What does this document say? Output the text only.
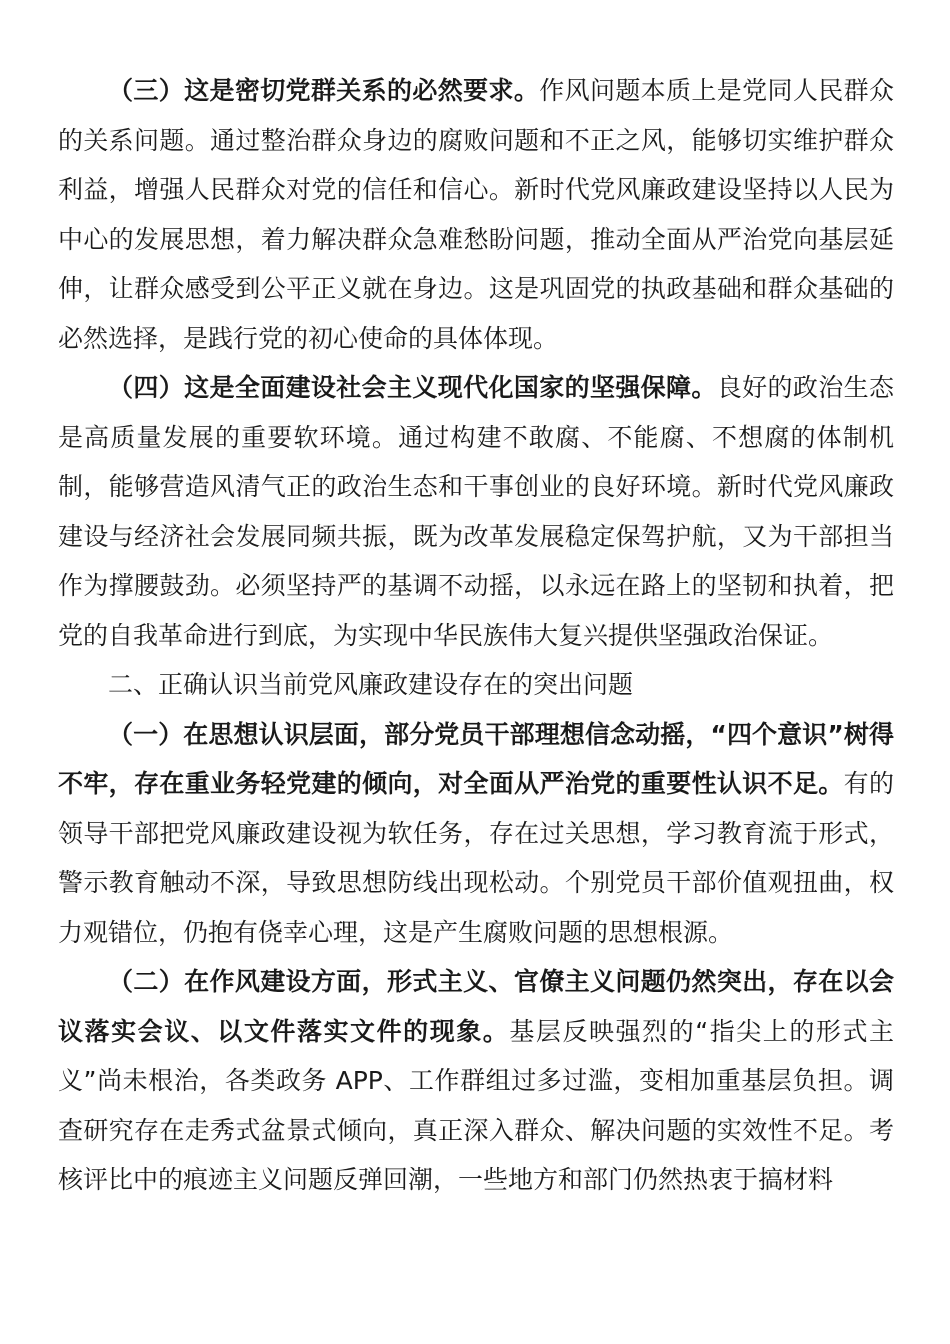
（三）这是密切党群关系的必然要求。作风问题本质上是党同人民群众的关系问题。通过整治群众身边的腐败问题和不正之风，能够切实维护群众利益，增强人民群众对党的信任和信心。新时代党风廉政建设坚持以人民为中心的发展思想，着力解决群众急难愁盼问题，推动全面从严治党向基层延伸，让群众感受到公平正义就在身边。这是巩固党的执政基础和群众基础的必然选择，是践行党的初心使命的具体体现。

（四）这是全面建设社会主义现代化国家的坚强保障。良好的政治生态是高质量发展的重要软环境。通过构建不敢腐、不能腐、不想腐的体制机制，能够营造风清气正的政治生态和干事创业的良好环境。新时代党风廉政建设与经济社会发展同频共振，既为改革发展稳定保驾护航，又为干部担当作为撑腰鼓劲。必须坚持严的基调不动摇，以永远在路上的坚韧和执着，把党的自我革命进行到底，为实现中华民族伟大复兴提供坚强政治保证。

二、正确认识当前党风廉政建设存在的突出问题

（一）在思想认识层面，部分党员干部理想信念动摇，“四个意识”树得不牢，存在重业务轻党建的倾向，对全面从严治党的重要性认识不足。有的领导干部把党风廉政建设视为软任务，存在过关思想，学习教育流于形式，警示教育触动不深，导致思想防线出现松动。个别党员干部价值观扭曲，权力观错位，仍抱有侥幸心理，这是产生腐败问题的思想根源。

（二）在作风建设方面，形式主义、官僚主义问题仍然突出，存在以会议落实会议、以文件落实文件的现象。基层反映强烈的“指尖上的形式主义”尚未根治，各类政务 APP、工作群组过多过滥，变相加重基层负担。调查研究存在走秀式盆景式倾向，真正深入群众、解决问题的实效性不足。考核评比中的痕迹主义问题反弹回潮，一些地方和部门仍然热衷于搞材料
